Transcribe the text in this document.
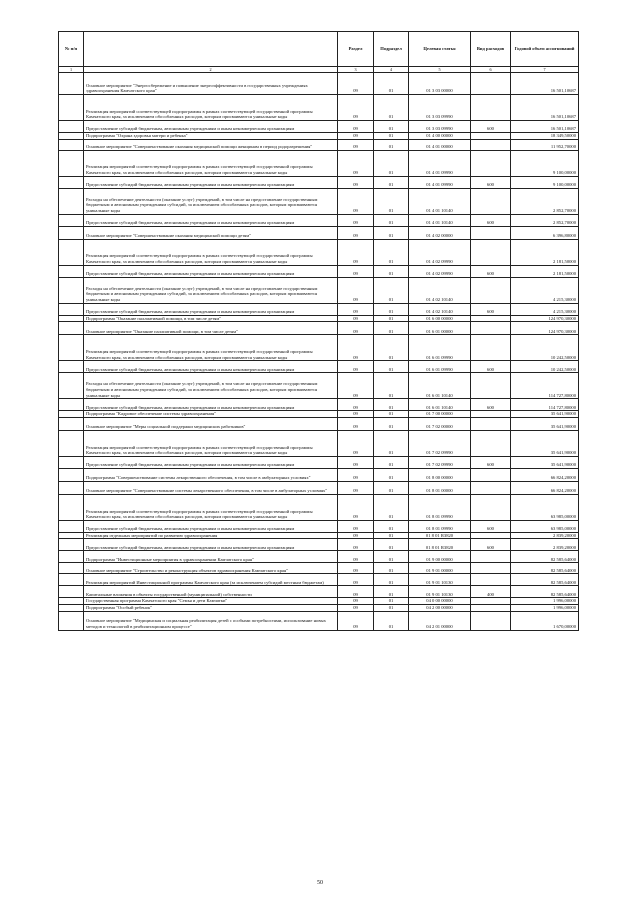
№ п/п		Раздел	Подраздел	Целевая статья	Вид расходов	Годовой объем ассигнований
1	2	3	4	5	6	7
	Основное мероприятие "Энергосбережение и повышение энергоэффективности в государственных учреждениях здравоохранения Камчатского края"	09	01	01 3 03 00000		16 501,10687
	Реализация мероприятий соответствующей подпрограммы в рамках соответствующей государственной программы Камчатского края, за исключением обособленных расходов, которым присваиваются уникальные коды	09	01	01 3 03 09990		16 501,10687
	Предоставление субсидий бюджетным, автономным учреждениям и иным некоммерческим организациям	09	01	01 3 03 09990	600	16 501,10687
	Подпрограмма "Охрана здоровья матери и ребенка"	09	01	01 4 00 00000		18 349,50000
	Основное мероприятие "Совершенствование оказания медицинской помощи женщинам в период родоразрешения"	09	01	01 4 01 00000		11 952,70000
	Реализация мероприятий соответствующей подпрограммы в рамках соответствующей государственной программы Камчатского края, за исключением обособленных расходов, которым присваиваются уникальные коды	09	01	01 4 01 09990		9 100,00000
	Предоставление субсидий бюджетным, автономным учреждениям и иным некоммерческим организациям	09	01	01 4 01 09990	600	9 100,00000
	Расходы на обеспечение деятельности (оказание услуг) учреждений, в том числе на предоставление государственным бюджетным и автономным учреждениям субсидий, за исключением обособленных расходов, которым присваиваются уникальные коды	09	01	01 4 01 10140		2 852,70000
	Предоставление субсидий бюджетным, автономным учреждениям и иным некоммерческим организациям	09	01	01 4 01 10140	600	2 852,70000
	Основное мероприятие "Совершенствование оказания медицинской помощи детям"	09	01	01 4 02 00000		6 396,80000
	Реализация мероприятий соответствующей подпрограммы в рамках соответствующей государственной программы Камчатского края, за исключением обособленных расходов, которым присваиваются уникальные коды	09	01	01 4 02 09990		2 181,50000
	Предоставление субсидий бюджетным, автономным учреждениям и иным некоммерческим организациям	09	01	01 4 02 09990	600	2 181,50000
	Расходы на обеспечение деятельности (оказание услуг) учреждений, в том числе на предоставление государственным бюджетным и автономным учреждениям субсидий, за исключением обособленных расходов, которым присваиваются уникальные коды	09	01	01 4 02 10140		4 215,30000
	Предоставление субсидий бюджетным, автономным учреждениям и иным некоммерческим организациям	09	01	01 4 02 10140	600	4 215,30000
	Подпрограмма "Оказание паллиативной помощи, в том числе детям"	09	01	01 6 00 00000		124 970,30000
	Основное мероприятие "Оказание паллиативной помощи, в том числе детям"	09	01	01 6 01 00000		124 970,30000
	Реализация мероприятий соответствующей подпрограммы в рамках соответствующей государственной программы Камчатского края, за исключением обособленных расходов, которым присваиваются уникальные коды	09	01	01 6 01 09990		10 242,50000
	Предоставление субсидий бюджетным, автономным учреждениям и иным некоммерческим организациям	09	01	01 6 01 09990	600	10 242,50000
	Расходы на обеспечение деятельности (оказание услуг) учреждений, в том числе на предоставление государственным бюджетным и автономным учреждениям субсидий, за исключением обособленных расходов, которым присваиваются уникальные коды	09	01	01 6 01 10140		114 727,80000
	Предоставление субсидий бюджетным, автономным учреждениям и иным некоммерческим организациям	09	01	01 6 01 10140	600	114 727,80000
	Подпрограмма "Кадровое обеспечение системы здравоохранения"	09	01	01 7 00 00000		35 641,90000
	Основное мероприятие "Меры социальной поддержки медицинских работников"	09	01	01 7 02 00000		35 641,90000
	Реализация мероприятий соответствующей подпрограммы в рамках соответствующей государственной программы Камчатского края, за исключением обособленных расходов, которым присваиваются уникальные коды	09	01	01 7 02 09990		35 641,90000
	Предоставление субсидий бюджетным, автономным учреждениям и иным некоммерческим организациям	09	01	01 7 02 09990	600	35 641,90000
	Подпрограмма "Совершенствование системы лекарственного обеспечения, в том числе в амбулаторных условиях"	09	01	01 8 00 00000		66 824,20000
	Основное мероприятие "Совершенствование системы лекарственного обеспечения, в том числе в амбулаторных условиях"	09	01	01 8 01 00000		66 824,20000
	Реализация мероприятий соответствующей подпрограммы в рамках соответствующей государственной программы Камчатского края, за исключением обособленных расходов, которым присваиваются уникальные коды	09	01	01 8 01 09990		63 985,00000
	Предоставление субсидий бюджетным, автономным учреждениям и иным некоммерческим организациям	09	01	01 8 01 09990	600	63 985,00000
	Реализация отдельных мероприятий по развитию здравоохранения	09	01	01 8 01 R3820		2 839,20000
	Предоставление субсидий бюджетным, автономным учреждениям и иным некоммерческим организациям	09	01	01 8 01 R3820	600	2 839,20000
	Подпрограмма "Инвестиционные мероприятия в здравоохранении Камчатского края"	09	01	01 9 00 00000		82 585,64000
	Основное мероприятие "Строительство и реконструкция объектов здравоохранения Камчатского края"	09	01	01 9 01 00000		82 585,64000
	Реализация мероприятий Инвестиционной программы Камчатского края (за исключением субсидий местным бюджетам)	09	01	01 9 01 10130		82 585,64000
	Капитальные вложения в объекты государственной (муниципальной) собственности	09	01	01 9 01 10130	400	82 585,64000
	Государственная программа Камчатского края "Семья и дети Камчатки"	09	01	04 0 00 00000		1 996,00000
	Подпрограмма "Особый ребенок"	09	01	04 2 00 00000		1 996,00000
	Основное мероприятие "Медицинская и социальная реабилитация детей с особыми потребностями, использование новых методов и технологий в реабилитационном процессе"	09	01	04 2 01 00000		1 670,00000
50
